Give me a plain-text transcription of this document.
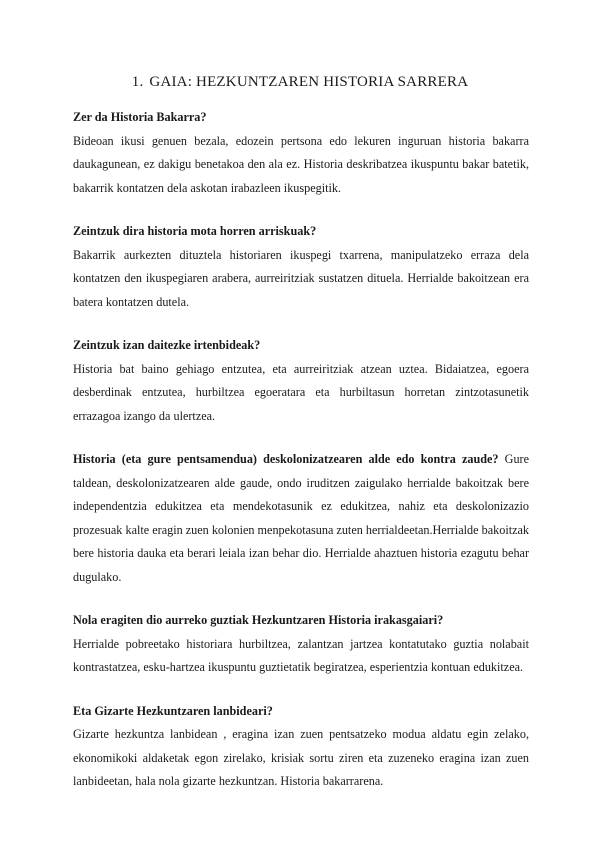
1. GAIA: HEZKUNTZAREN HISTORIA SARRERA

Zer da Historia Bakarra?

Bideoan ikusi genuen bezala, edozein pertsona edo lekuren inguruan historia bakarra daukagunean, ez dakigu benetakoa den ala ez. Historia deskribatzea ikuspuntu bakar batetik, bakarrik kontatzen dela askotan irabazleen ikuspegitik.

Zeintzuk dira historia mota horren arriskuak?

Bakarrik aurkezten dituztela historiaren ikuspegi txarrena, manipulatzeko erraza dela kontatzen den ikuspegiaren arabera, aurreiritziak sustatzen dituela. Herrialde bakoitzean era batera kontatzen dutela.

Zeintzuk izan daitezke irtenbideak?

Historia bat baino gehiago entzutea, eta aurreiritziak atzean uztea. Bidaiatzea, egoera desberdinak entzutea, hurbiltzea egoeratara eta hurbiltasun horretan zintzotasunetik errazagoa izango da ulertzea.

Historia (eta gure pentsamendua) deskolonizatzearen alde edo kontra zaude? Gure taldean, deskolonizatzearen alde gaude, ondo iruditzen zaigulako herrialde bakoitzak bere independentzia edukitzea eta mendekotasunik ez edukitzea, nahiz eta deskolonizazio prozesuak kalte eragin zuen kolonien menpekotasuna zuten herrialdeetan.Herrialde bakoitzak bere historia dauka eta berari leiala izan behar dio. Herrialde ahaztuen historia ezagutu behar dugulako.

Nola eragiten dio aurreko guztiak Hezkuntzaren Historia irakasgaiari?

Herrialde pobreetako historiara hurbiltzea, zalantzan jartzea kontatutako guztia nolabait kontrastatzea, esku-hartzea ikuspuntu guztietatik begiratzea, esperientzia kontuan edukitzea.

Eta Gizarte Hezkuntzaren lanbideari?

Gizarte hezkuntza lanbidean , eragina izan zuen pentsatzeko modua aldatu egin zelako, ekonomikoki aldaketak egon zirelako, krisiak sortu ziren eta zuzeneko eragina izan zuen lanbideetan, hala nola gizarte hezkuntzan. Historia bakarrarena.
